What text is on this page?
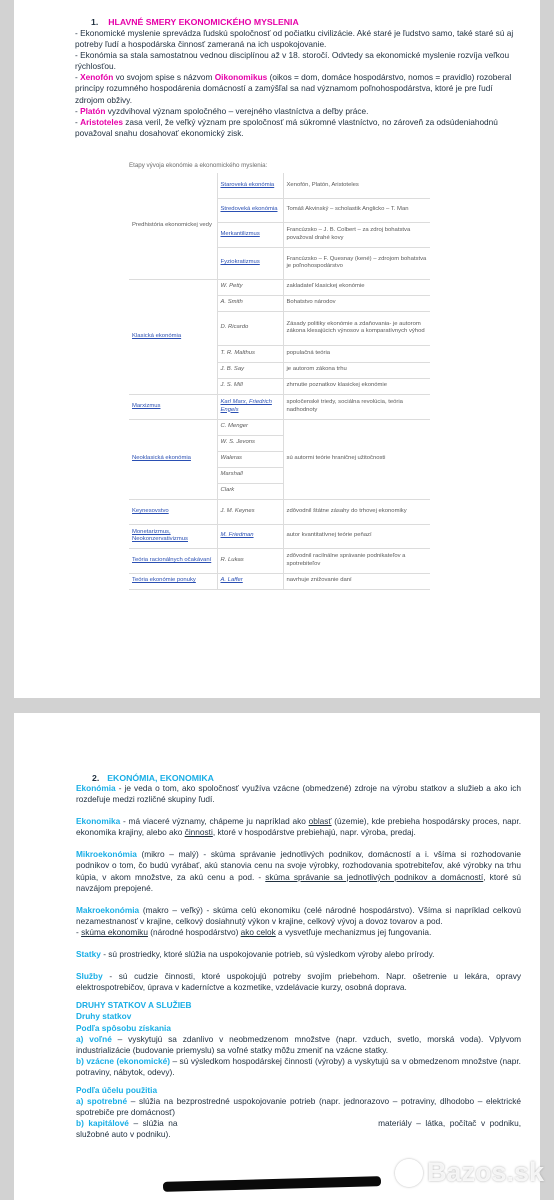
1. HLAVNÉ SMERY EKONOMICKÉHO MYSLENIA

- Ekonomické myslenie sprevádza ľudskú spoločnosť od počiatku civilizácie. Aké staré je ľudstvo samo, také staré sú aj potreby ľudí a hospodárska činnosť zameraná na ich uspokojovanie.

- Ekonómia sa stala samostatnou vednou disciplínou až v 18. storočí. Odvtedy sa ekonomické myslenie rozvíja veľkou rýchlosťou.

- Xenofón vo svojom spise s názvom Oikonomikus (oikos = dom, domáce hospodárstvo, nomos = pravidlo) rozoberal princípy rozumného hospodárenia domácností a zamýšľal sa nad významom poľnohospodárstva, ktoré je pre ľudí zdrojom obživy.

- Platón vyzdvihoval význam spoločného – verejného vlastníctva a deľby práce.

- Aristoteles zasa veril, že veľký význam pre spoločnosť má súkromné vlastníctvo, no zároveň za odsúdeniahodnú považoval snahu dosahovať ekonomický zisk.

Etapy vývoja ekonómie a ekonomického myslenia:
Predhistória ekonomickej vedy	Staroveká ekonómia	Xenofón, Platón, Aristoteles
	Stredoveká ekonómia	Tomáš Akvinský – scholastik Anglicko – T. Man
	Merkantilizmus	Francúzsko – J. B. Colbert – za zdroj bohatstva považoval drahé kovy
	Fyziokratizmus	Francúzsko – F. Quesnay (kené) – zdrojom bohatstva je poľnohospodárstvo
Klasická ekonómia	W. Petty	zakladateľ klasickej ekonómie
	A. Smith	Bohatstvo národov
	D. Ricardo	Zásady politiky ekonómie a zdaňovania- je autorom zákona klesajúcich výnosov a komparatívnych výhod
	T. R. Malthus	populačná teória
	J. B. Say	je autorom zákona trhu
	J. S. Mill	zhrnutie poznatkov klasickej ekonómie
Marxizmus	Karl Marx, Friedrich Engels	spoločenské triedy, sociálna revolúcia, teória nadhodnoty
Neoklasická ekonómia	C. Menger	sú autormi teórie hraničnej užitočnosti
	W. S. Jevons	
	Waleras	
	Marshall	
	Clark	
Keynesovstvo	J. M. Keynes	zdôvodnil štátne zásahy do trhovej ekonomiky
Monetarizmus, Neokonzervativizmus	M. Friedman	autor kvantitatívnej teórie peňazí
Teória racionálnych očakávaní	R. Lukas	zdôvodnil racilnálne správanie podnikateľov a spotrebiteľov
Teória ekonómie ponuky	A. Laffer	navrhuje znižovanie daní

2. EKONÓMIA, EKONOMIKA

Ekonómia - je veda o tom, ako spoločnosť využíva vzácne (obmedzené) zdroje na výrobu statkov a služieb a ako ich rozdeľuje medzi rozličné skupiny ľudí.

Ekonomika - má viaceré významy, chápeme ju napríklad ako oblasť (územie), kde prebieha hospodársky proces, napr. ekonomika krajiny, alebo ako činnosti, ktoré v hospodárstve prebiehajú, napr. výroba, predaj.

Mikroekonómia (mikro – malý) - skúma správanie jednotlivých podnikov, domácností a i. všíma si rozhodovanie podnikov o tom, čo budú vyrábať, akú stanovia cenu na svoje výrobky, rozhodovania spotrebiteľov, aké výrobky na trhu kúpia, v akom množstve, za akú cenu a pod. - skúma správanie sa jednotlivých podnikov a domácností, ktoré sú navzájom prepojené.

Makroekonómia (makro – veľký) - skúma celú ekonomiku (celé národné hospodárstvo). Všíma si napríklad celkovú nezamestnanosť v krajine, celkový dosiahnutý výkon v krajine, celkový vývoj a dovoz tovarov a pod.
- skúma ekonomiku (národné hospodárstvo) ako celok a vysvetľuje mechanizmus jej fungovania.

Statky - sú prostriedky, ktoré slúžia na uspokojovanie potrieb, sú výsledkom výroby alebo prírody.

Služby - sú cudzie činnosti, ktoré uspokojujú potreby svojím priebehom. Napr. ošetrenie u lekára, opravy elektrospotrebičov, úprava v kaderníctve a kozmetike, vzdelávacie kurzy, osobná doprava.

DRUHY STATKOV A SLUŽIEB

Druhy statkov

Podľa spôsobu získania

a) voľné – vyskytujú sa zdanlivo v neobmedzenom množstve (napr. vzduch, svetlo, morská voda). Vplyvom industrializácie (budovanie priemyslu) sa voľné statky môžu zmeniť na vzácne statky.

b) vzácne (ekonomické) – sú výsledkom hospodárskej činnosti (výroby) a vyskytujú sa v obmedzenom množstve (napr. potraviny, nábytok, odevy).

Podľa účelu použitia

a) spotrebné – slúžia na bezprostredné uspokojovanie potrieb (napr. jednorazovo – potraviny, dlhodobo – elektrické spotrebiče pre domácnosť)

b) kapitálové – slúžia na	materiály – látka, počítač v podniku, služobné auto v podniku).

Bazos.sk
